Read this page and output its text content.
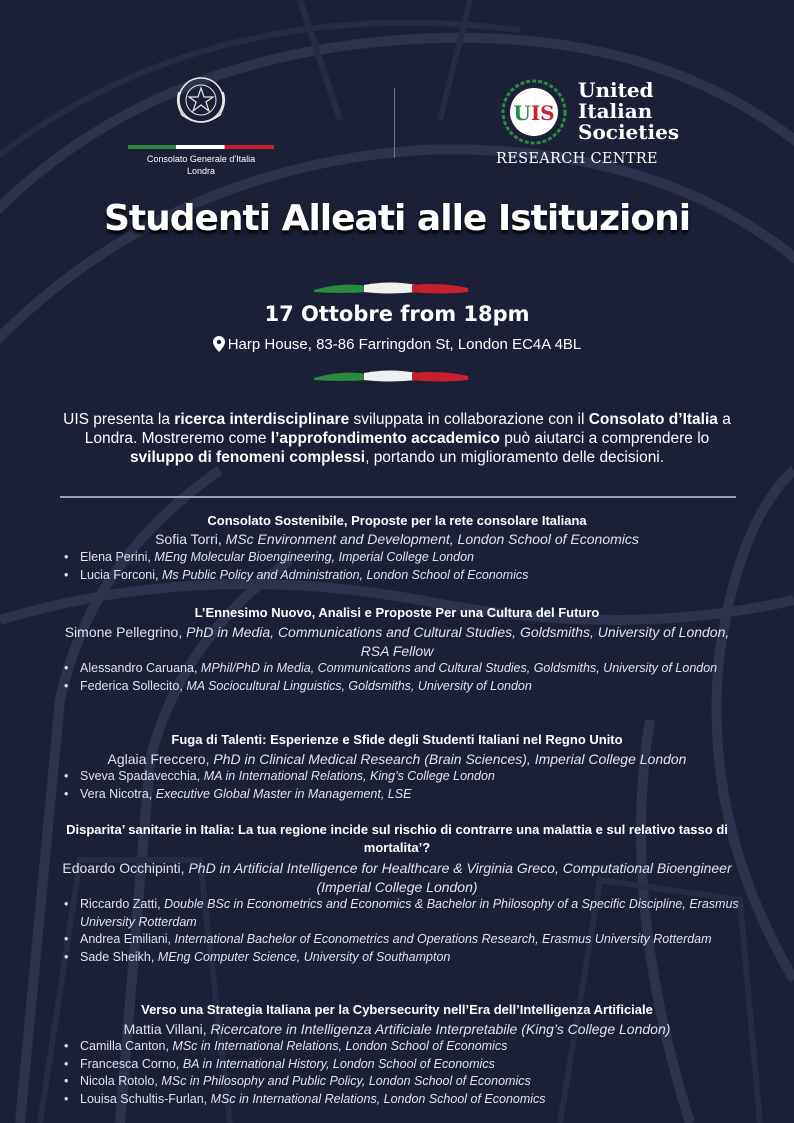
Consolato Generale d'Italia
Londra
UIS
United
Italian
Societies
RESEARCH CENTRE
Studenti Alleati alle Istituzioni
17 Ottobre from 18pm
Harp House, 83-86 Farringdon St, London EC4A 4BL
UIS presenta la ricerca interdisciplinare sviluppata in collaborazione con il Consolato d’Italia a Londra. Mostreremo come l’approfondimento accademico può aiutarci a comprendere lo sviluppo di fenomeni complessi, portando un miglioramento delle decisioni.
Consolato Sostenibile, Proposte per la rete consolare Italiana
Sofia Torri, MSc Environment and Development, London School of Economics
• Elena Perini, MEng Molecular Bioengineering, Imperial College London
• Lucia Forconi, Ms Public Policy and Administration, London School of Economics
L’Ennesimo Nuovo, Analisi e Proposte Per una Cultura del Futuro
Simone Pellegrino, PhD in Media, Communications and Cultural Studies, Goldsmiths, University of London, RSA Fellow
• Alessandro Caruana, MPhil/PhD in Media, Communications and Cultural Studies, Goldsmiths, University of London
• Federica Sollecito, MA Sociocultural Linguistics, Goldsmiths, University of London
Fuga di Talenti: Esperienze e Sfide degli Studenti Italiani nel Regno Unito
Aglaia Freccero, PhD in Clinical Medical Research (Brain Sciences), Imperial College London
• Sveva Spadavecchia, MA in International Relations, King’s College London
• Vera Nicotra, Executive Global Master in Management, LSE
Disparita’ sanitarie in Italia: La tua regione incide sul rischio di contrarre una malattia e sul relativo tasso di mortalita’?
Edoardo Occhipinti, PhD in Artificial Intelligence for Healthcare & Virginia Greco, Computational Bioengineer (Imperial College London)
• Riccardo Zatti, Double BSc in Econometrics and Economics & Bachelor in Philosophy of a Specific Discipline, Erasmus University Rotterdam
• Andrea Emiliani, International Bachelor of Econometrics and Operations Research, Erasmus University Rotterdam
• Sade Sheikh, MEng Computer Science, University of Southampton
Verso una Strategia Italiana per la Cybersecurity nell’Era dell’Intelligenza Artificiale
Mattia Villani, Ricercatore in Intelligenza Artificiale Interpretabile (King’s College London)
• Camilla Canton, MSc in International Relations, London School of Economics
• Francesca Corno, BA in International History, London School of Economics
• Nicola Rotolo, MSc in Philosophy and Public Policy, London School of Economics
• Louisa Schultis-Furlan, MSc in International Relations, London School of Economics
